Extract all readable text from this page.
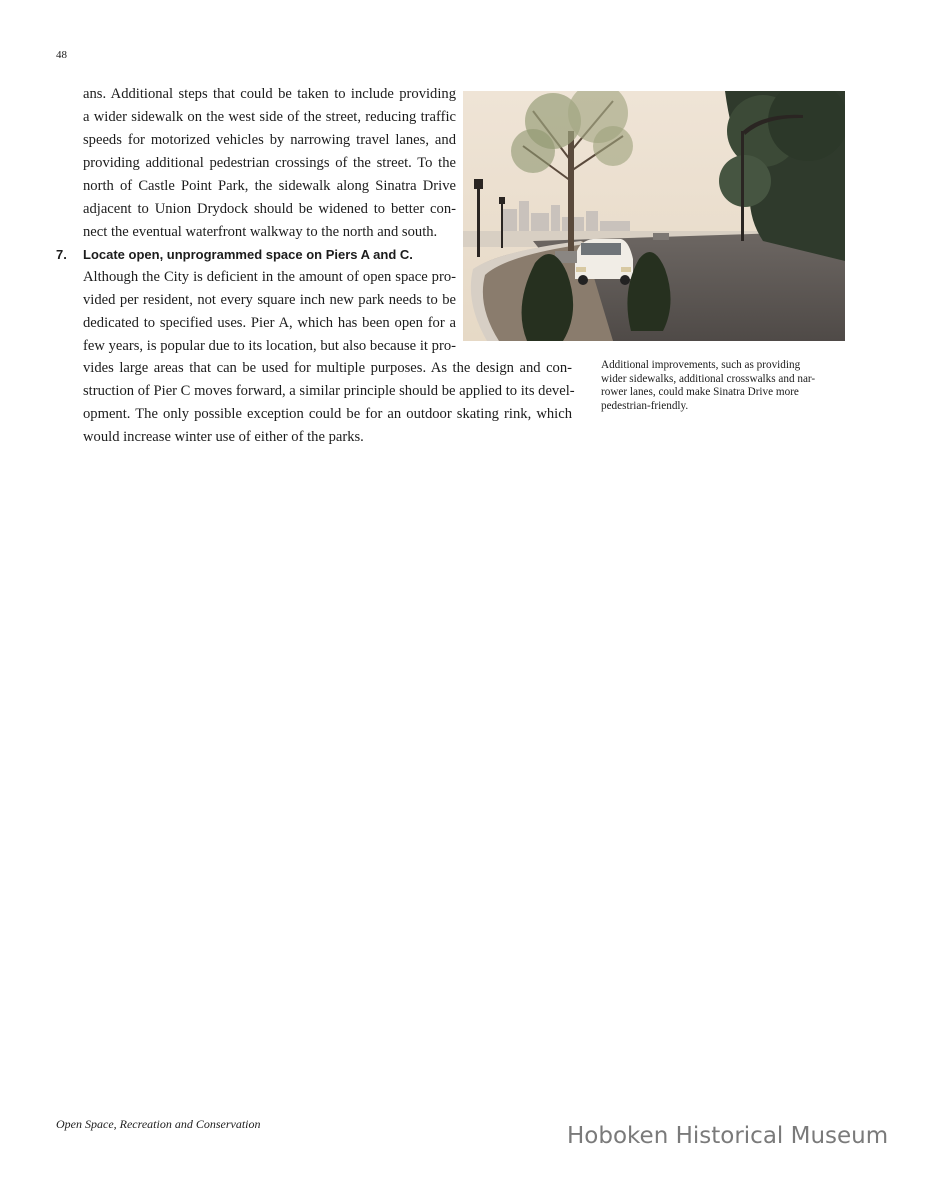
48
ans. Additional steps that could be taken to include providing
a wider sidewalk on the west side of the street, reducing traffic
speeds for motorized vehicles by narrowing travel lanes, and
providing additional pedestrian crossings of the street. To the
north of Castle Point Park, the sidewalk along Sinatra Drive
adjacent to Union Drydock should be widened to better con-
nect the eventual waterfront walkway to the north and south.
7. Locate open, unprogrammed space on Piers A and C.
Although the City is deficient in the amount of open space pro-
vided per resident, not every square inch new park needs to be
dedicated to specified uses. Pier A, which has been open for a
few years, is popular due to its location, but also because it pro-
vides large areas that can be used for multiple purposes. As the design and con-
struction of Pier C moves forward, a similar principle should be applied to its devel-
opment. The only possible exception could be for an outdoor skating rink, which
would increase winter use of either of the parks.
Additional improvements, such as providing
wider sidewalks, additional crosswalks and nar-
rower lanes, could make Sinatra Drive more
pedestrian-friendly.
Open Space, Recreation and Conservation	Hoboken Historical Museum
